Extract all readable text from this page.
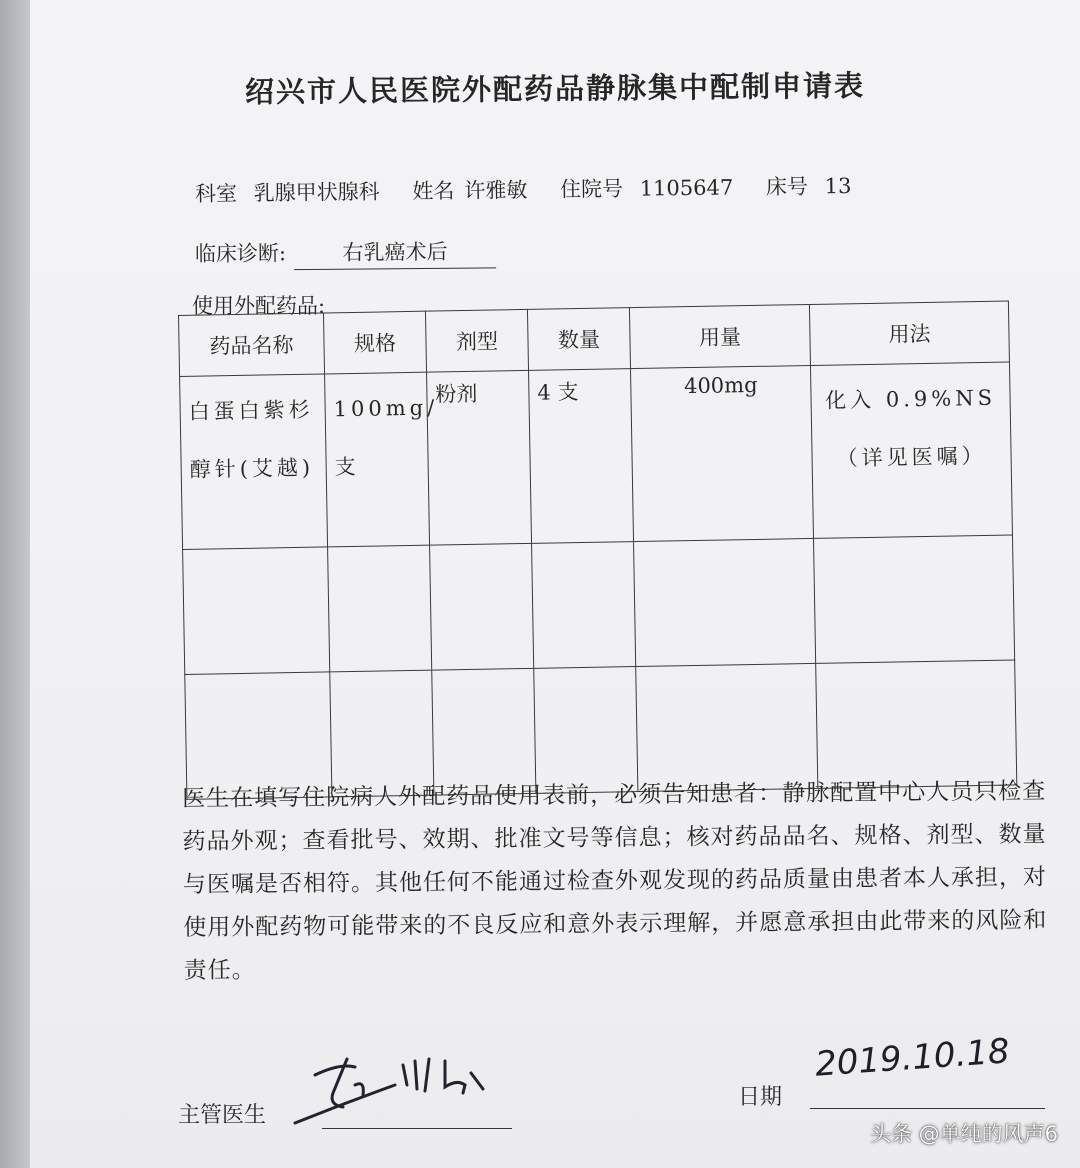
绍兴市人民医院外配药品静脉集中配制申请表
科室 乳腺甲状腺科 姓名 许雅敏 住院号 1105647 床号 13
临床诊断:	右乳癌术后
使用外配药品:
药品名称	规格	剂型	数量	用量	用法
白蛋白紫杉醇针(艾越)	100mg/支	粉剂	4 支	400mg	化入 0.9%NS （详见医嘱）

医生在填写住院病人外配药品使用表前，必须告知患者：静脉配置中心人员只检查药品外观；查看批号、效期、批准文号等信息；核对药品品名、规格、剂型、数量与医嘱是否相符。其他任何不能通过检查外观发现的药品质量由患者本人承担，对使用外配药物可能带来的不良反应和意外表示理解，并愿意承担由此带来的风险和责任。
主管医生
日期
2019.10.18
头条 @单纯的风声6
